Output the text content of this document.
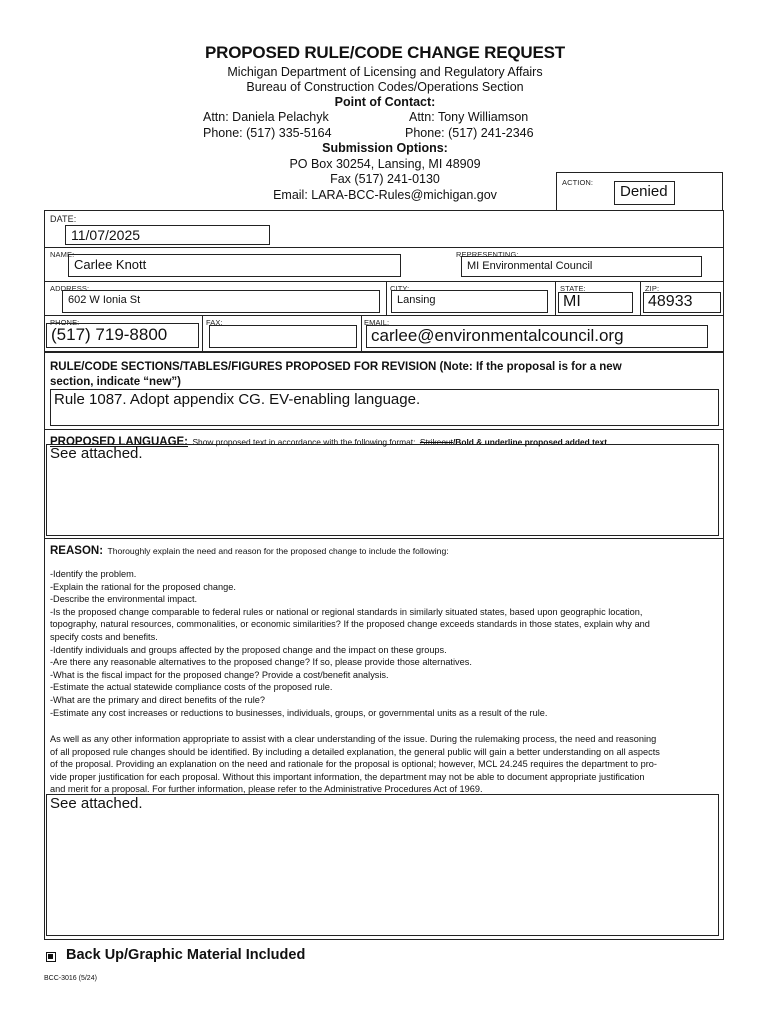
PROPOSED RULE/CODE CHANGE REQUEST
Michigan Department of Licensing and Regulatory Affairs
Bureau of Construction Codes/Operations Section
Point of Contact:
Attn: Daniela Pelachyk
Phone: (517) 335-5164
Attn: Tony Williamson
Phone: (517) 241-2346
Submission Options:
PO Box 30254, Lansing, MI 48909
Fax (517) 241-0130
Email: LARA-BCC-Rules@michigan.gov
ACTION:
Denied
DATE:
11/07/2025
NAME:
Carlee Knott
REPRESENTING:
MI Environmental Council
ADDRESS:
602 W Ionia St
CITY:
Lansing
STATE:
MI
ZIP:
48933
PHONE:
(517) 719-8800
FAX:	EMAIL:
carlee@environmentalcouncil.org
RULE/CODE SECTIONS/TABLES/FIGURES PROPOSED FOR REVISION (Note: If the proposal is for a new
section, indicate “new”)
Rule 1087. Adopt appendix CG. EV-enabling language.
PROPOSED LANGUAGE: Show proposed text in accordance with the following format: Strikeout/Bold & underline proposed added text
See attached.
REASON: Thoroughly explain the need and reason for the proposed change to include the following:
-Identify the problem.
-Explain the rational for the proposed change.
-Describe the environmental impact.
-Is the proposed change comparable to federal rules or national or regional standards in similarly situated states, based upon geographic location,
topography, natural resources, commonalities, or economic similarities? If the proposed change exceeds standards in those states, explain why and
specify costs and benefits.
-Identify individuals and groups affected by the proposed change and the impact on these groups.
-Are there any reasonable alternatives to the proposed change? If so, please provide those alternatives.
-What is the fiscal impact for the proposed change? Provide a cost/benefit analysis.
-Estimate the actual statewide compliance costs of the proposed rule.
-What are the primary and direct benefits of the rule?
-Estimate any cost increases or reductions to businesses, individuals, groups, or governmental units as a result of the rule.
As well as any other information appropriate to assist with a clear understanding of the issue. During the rulemaking process, the need and reasoning
of all proposed rule changes should be identified. By including a detailed explanation, the general public will gain a better understanding on all aspects
of the proposal. Providing an explanation on the need and rationale for the proposal is optional; however, MCL 24.245 requires the department to pro-
vide proper justification for each proposal. Without this important information, the department may not be able to document appropriate justification
and merit for a proposal. For further information, please refer to the Administrative Procedures Act of 1969.
See attached.
Back Up/Graphic Material Included
BCC-3016 (5/24)
